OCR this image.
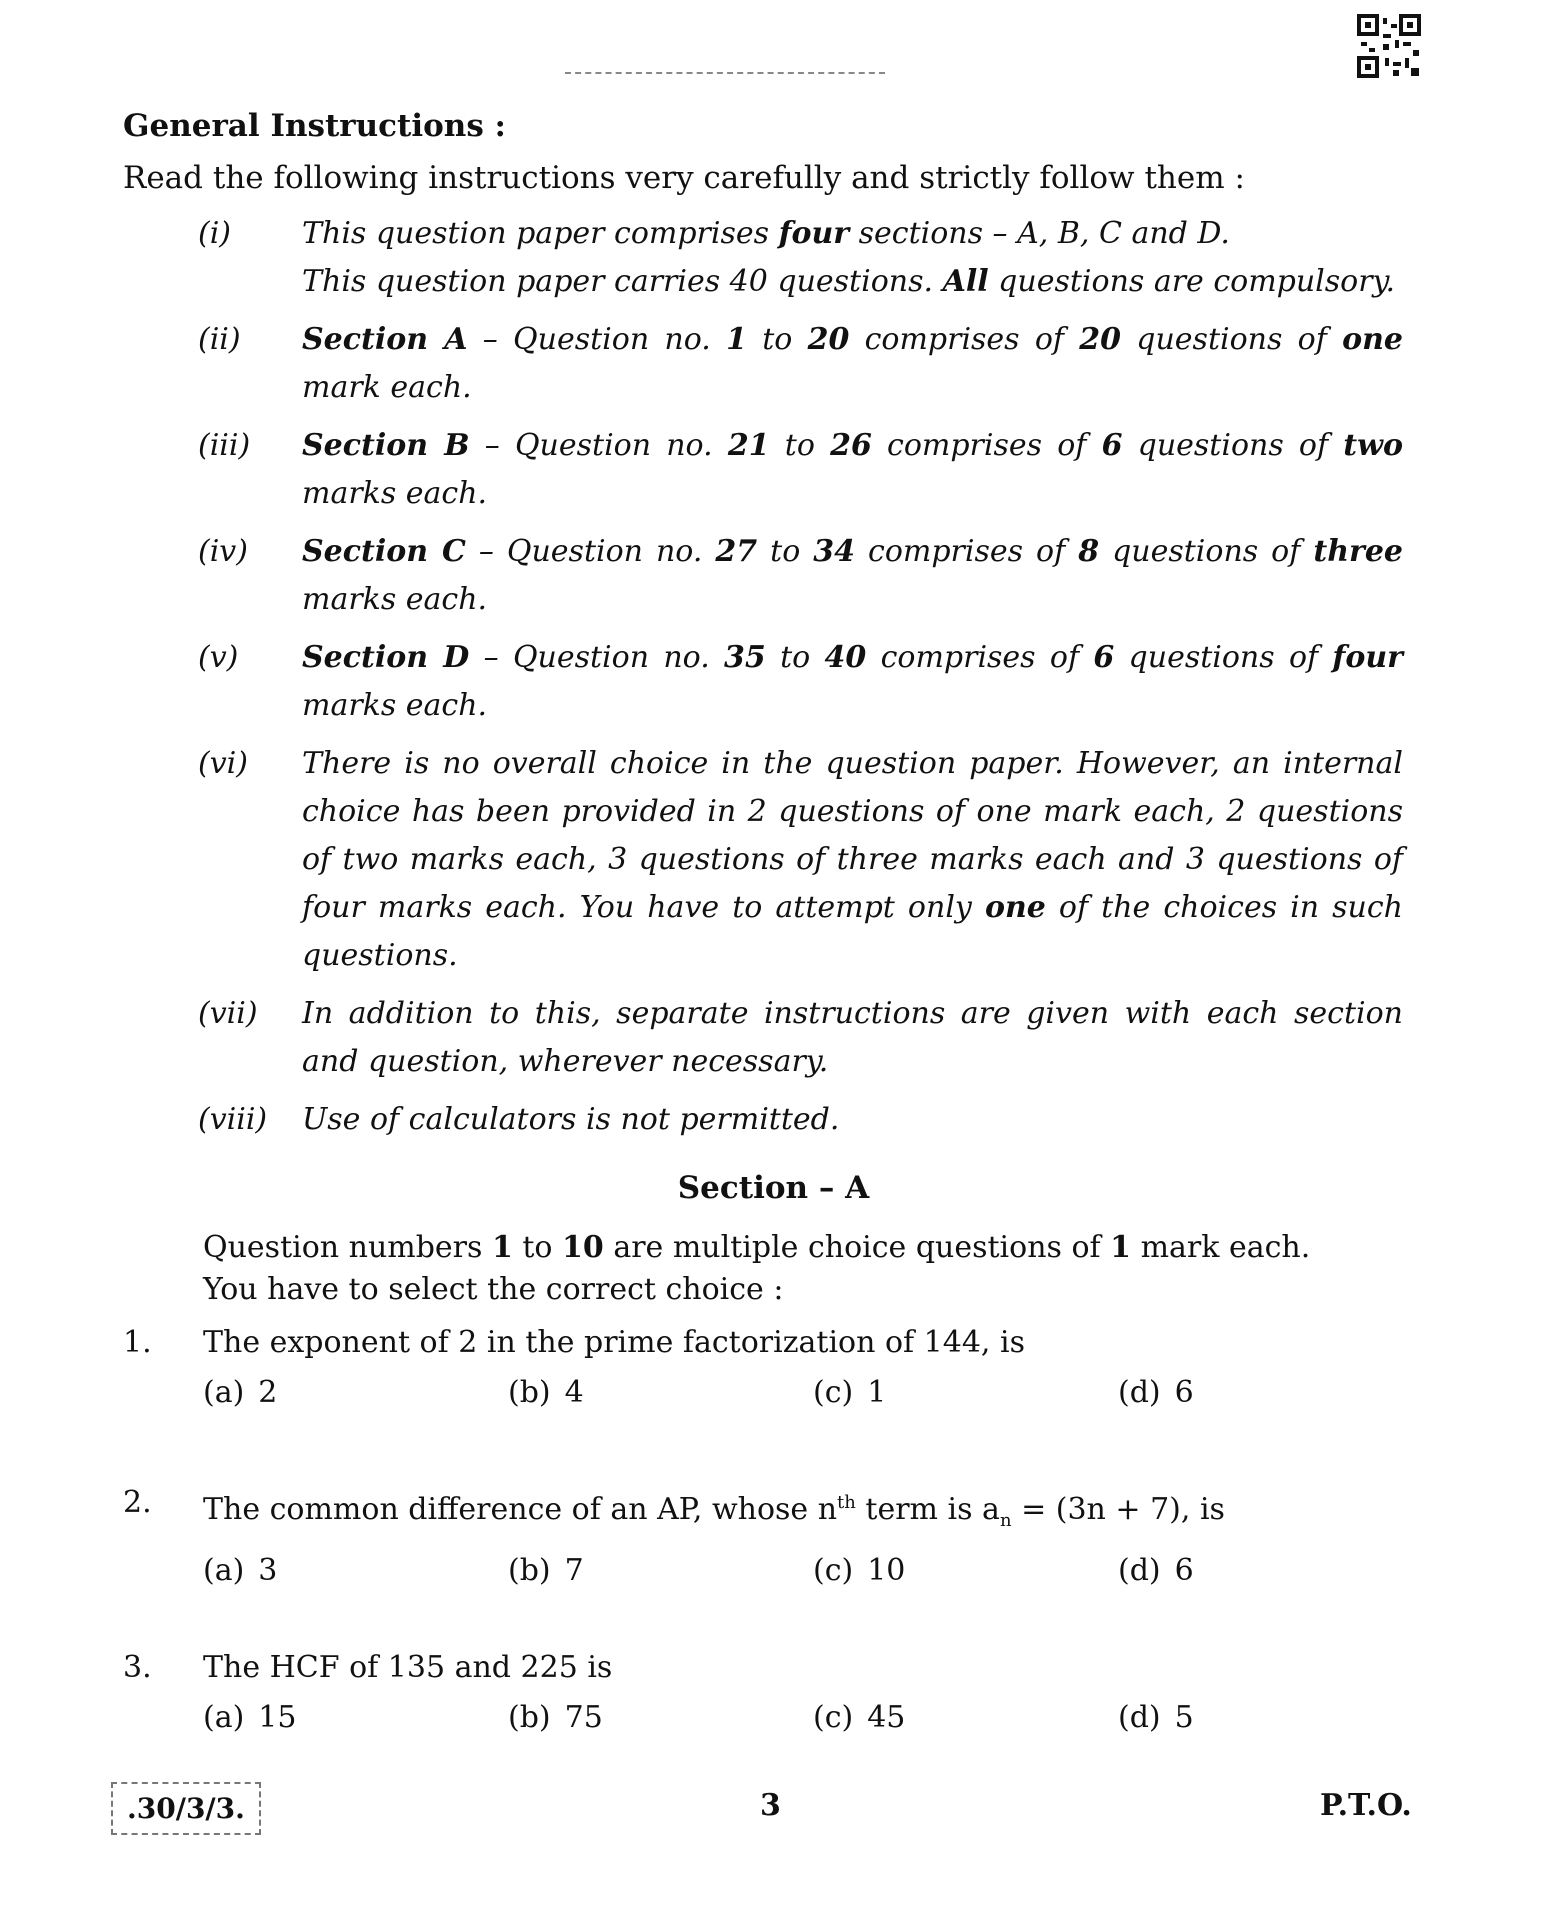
General Instructions :
Read the following instructions very carefully and strictly follow them :
(i)	This question paper comprises four sections – A, B, C and D.
This question paper carries 40 questions. All questions are compulsory.
(ii)	Section A – Question no. 1 to 20 comprises of 20 questions of one mark each.
(iii)	Section B – Question no. 21 to 26 comprises of 6 questions of two marks each.
(iv)	Section C – Question no. 27 to 34 comprises of 8 questions of three marks each.
(v)	Section D – Question no. 35 to 40 comprises of 6 questions of four marks each.
(vi)	There is no overall choice in the question paper. However, an internal choice has been provided in 2 questions of one mark each, 2 questions of two marks each, 3 questions of three marks each and 3 questions of four marks each. You have to attempt only one of the choices in such questions.
(vii)	In addition to this, separate instructions are given with each section and question, wherever necessary.
(viii)	Use of calculators is not permitted.
Section – A
Question numbers 1 to 10 are multiple choice questions of 1 mark each.
You have to select the correct choice :
1.	The exponent of 2 in the prime factorization of 144, is
(a) 2	(b) 4	(c) 1	(d) 6
2.	The common difference of an AP, whose $n^{th}$ term is $a_n = (3n + 7)$, is
(a) 3	(b) 7	(c) 10	(d) 6
3.	The HCF of 135 and 225 is
(a) 15	(b) 75	(c) 45	(d) 5
.30/3/3.	3	P.T.O.
